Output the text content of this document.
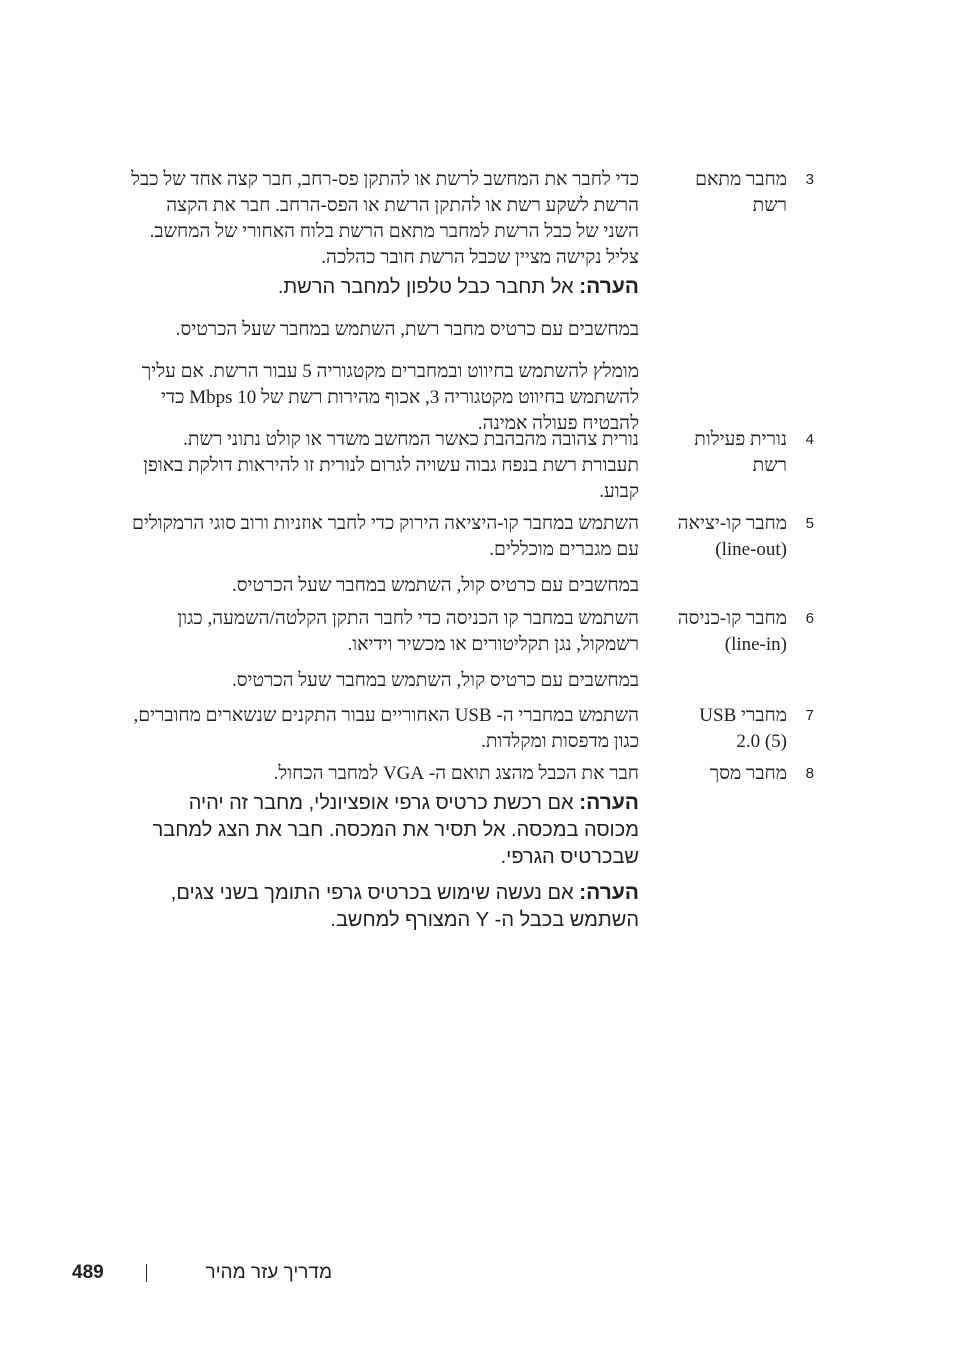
3
מחבר מתאם רשת

כדי לחבר את המחשב לרשת או להתקן פס-רחב, חבר קצה אחד של כבל הרשת לשקע רשת או להתקן הרשת או הפס-הרחב. חבר את הקצה השני של כבל הרשת למחבר מתאם הרשת בלוח האחורי של המחשב. צליל נקישה מציין שכבל הרשת חובר כהלכה.

הערה: אל תחבר כבל טלפון למחבר הרשת.

במחשבים עם כרטיס מחבר רשת, השתמש במחבר שעל הכרטיס.

מומלץ להשתמש בחיווט ובמחברים מקטגוריה 5 עבור הרשת. אם עליך להשתמש בחיווט מקטגוריה 3, אכוף מהירות רשת של 10 Mbps כדי להבטיח פעולה אמינה.

4
נורית פעילות רשת

נורית צהובה מהבהבת כאשר המחשב משדר או קולט נתוני רשת. תעבורת רשת בנפח גבוה עשויה לגרום לנורית זו להיראות דולקת באופן קבוע.

5
מחבר קו-יציאה (line-out)

השתמש במחבר קו-היציאה הירוק כדי לחבר אוזניות ורוב סוגי הרמקולים עם מגברים מוכללים.

במחשבים עם כרטיס קול, השתמש במחבר שעל הכרטיס.

6
מחבר קו-כניסה (line-in)

השתמש במחבר קו הכניסה כדי לחבר התקן הקלטה/השמעה, כגון רשמקול, נגן תקליטורים או מכשיר וידיאו.

במחשבים עם כרטיס קול, השתמש במחבר שעל הכרטיס.

7
מחברי USB 2.0 (5)

השתמש במחברי ה- USB האחוריים עבור התקנים שנשארים מחוברים, כגון מדפסות ומקלדות.

8
מחבר מסך

חבר את הכבל מהצג תואם ה- VGA למחבר הכחול.

הערה: אם רכשת כרטיס גרפי אופציונלי, מחבר זה יהיה מכוסה במכסה. אל תסיר את המכסה. חבר את הצג למחבר שבכרטיס הגרפי.

הערה: אם נעשה שימוש בכרטיס גרפי התומך בשני צגים, השתמש בכבל ה- Y המצורף למחשב.

489	מדריך עזר מהיר
